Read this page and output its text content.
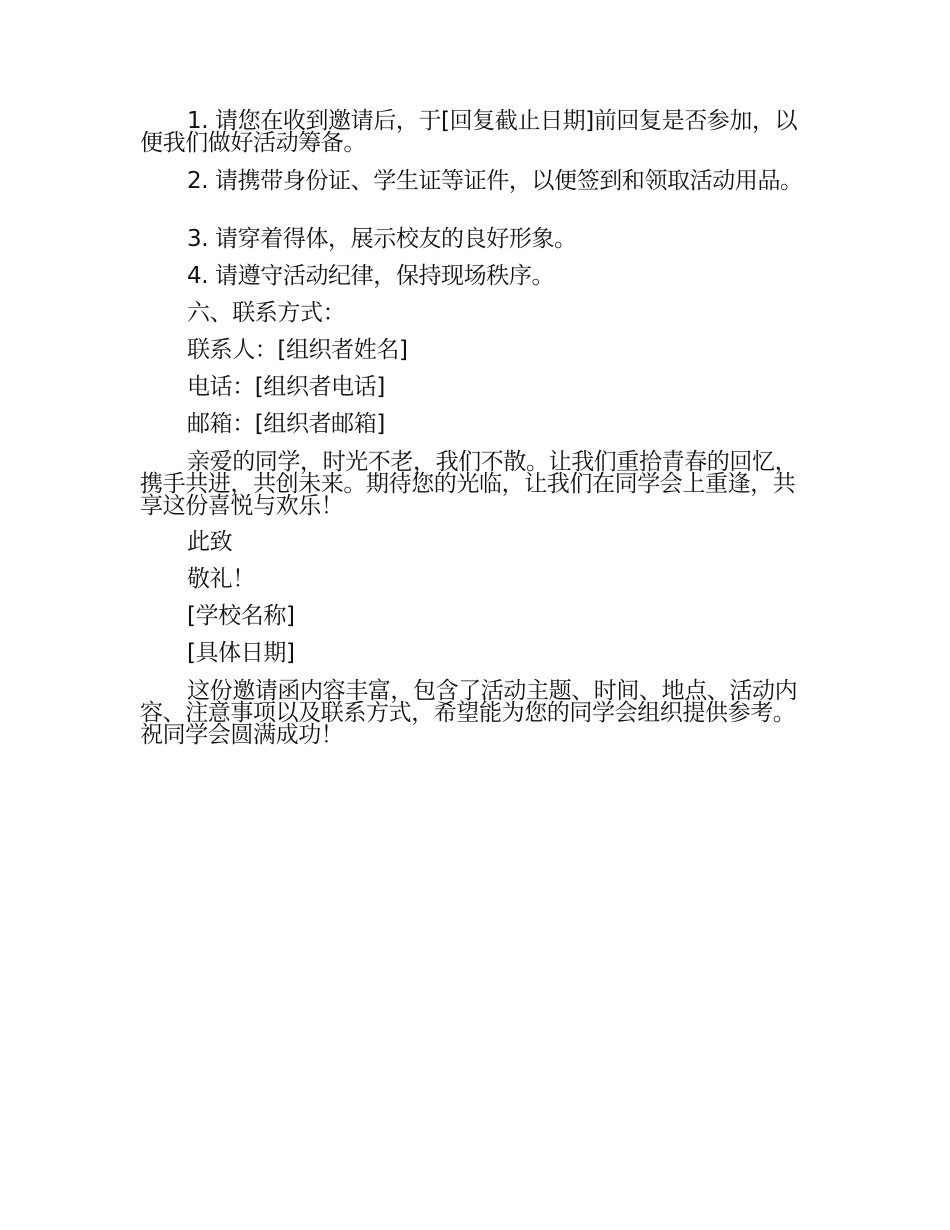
1. 请您在收到邀请后，于[回复截止日期]前回复是否参加，以便我们做好活动筹备。
2. 请携带身份证、学生证等证件，以便签到和领取活动用品。
3. 请穿着得体，展示校友的良好形象。
4. 请遵守活动纪律，保持现场秩序。
六、联系方式：
联系人：[组织者姓名]
电话：[组织者电话]
邮箱：[组织者邮箱]
亲爱的同学，时光不老，我们不散。让我们重拾青春的回忆，携手共进，共创未来。期待您的光临，让我们在同学会上重逢，共享这份喜悦与欢乐！
此致
敬礼！
[学校名称]
[具体日期]
这份邀请函内容丰富，包含了活动主题、时间、地点、活动内容、注意事项以及联系方式，希望能为您的同学会组织提供参考。祝同学会圆满成功！
